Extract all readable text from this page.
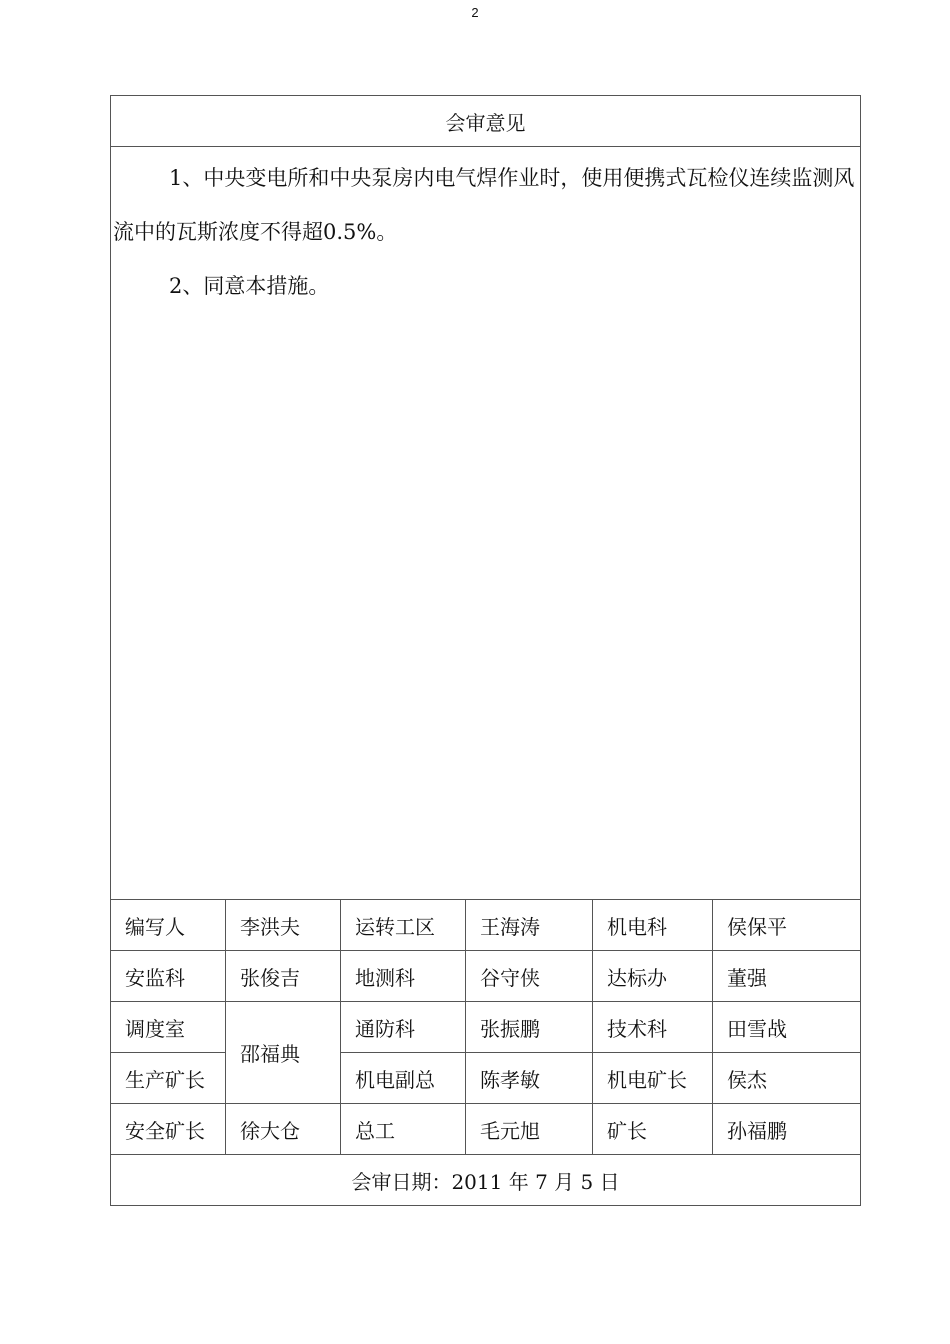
2
会审意见					

1、中央变电所和中央泵房内电气焊作业时，使用便携式瓦检仪连续监测风流中的瓦斯浓度不得超0.5%。

2、同意本措施。					

编写人	李洪夫	运转工区	王海涛	机电科	侯保平
安监科	张俊吉	地测科	谷守侠	达标办	董强
调度室	邵福典	通防科	张振鹏	技术科	田雪战
生产矿长		机电副总	陈孝敏	机电矿长	侯杰
安全矿长	徐大仓	总工	毛元旭	矿长	孙福鹏
会审日期：2011 年 7 月 5 日					
